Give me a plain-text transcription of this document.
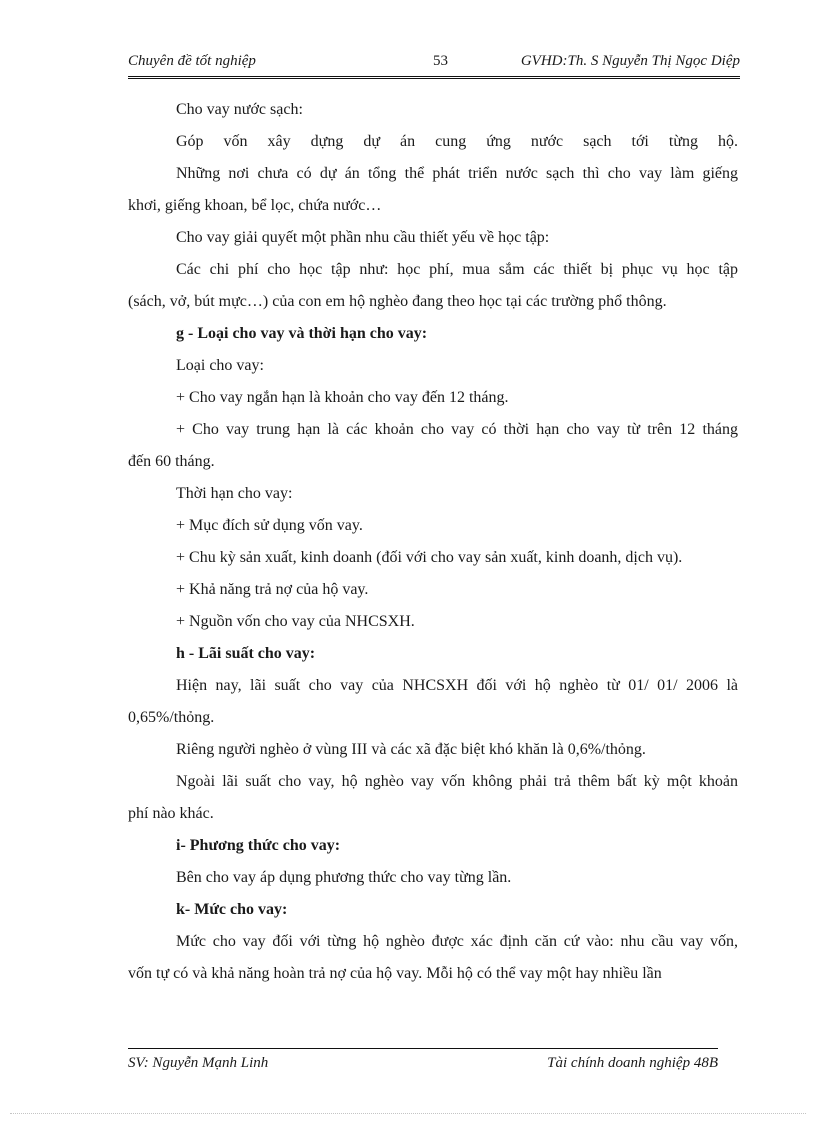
Chuyên đề tốt nghiệp	53	GVHD:Th. S Nguyễn Thị Ngọc Diệp
Cho vay nước sạch:
Góp vốn xây dựng dự án cung ứng nước sạch tới từng hộ.
Những nơi chưa có dự án tổng thể phát triển nước sạch thì cho vay làm giếng
khơi, giếng khoan, bể lọc, chứa nước…
Cho vay giải quyết một phần nhu cầu thiết yếu về học tập:
Các chi phí cho học tập như: học phí, mua sắm các thiết bị phục vụ học tập
(sách, vở, bút mực…) của con em hộ nghèo đang theo học tại các trường phổ thông.
g - Loại cho vay và thời hạn cho vay:
Loại cho vay:
+ Cho vay ngắn hạn là khoản cho vay đến 12 tháng.
+ Cho vay trung hạn là các khoản cho vay có thời hạn cho vay từ trên 12 tháng
đến 60 tháng.
Thời hạn cho vay:
+ Mục đích sử dụng vốn vay.
+ Chu kỳ sản xuất, kinh doanh (đối với cho vay sản xuất, kinh doanh, dịch vụ).
+ Khả năng trả nợ của hộ vay.
+ Nguồn vốn cho vay của NHCSXH.
h - Lãi suất cho vay:
Hiện nay, lãi suất cho vay của NHCSXH đối với hộ nghèo từ 01/ 01/ 2006 là
0,65%/thỏng.
Riêng người nghèo ở vùng III và các xã đặc biệt khó khăn là 0,6%/thỏng.
Ngoài lãi suất cho vay, hộ nghèo vay vốn không phải trả thêm bất kỳ một khoản
phí nào khác.
i- Phương thức cho vay:
Bên cho vay áp dụng phương thức cho vay từng lần.
k- Mức cho vay:
Mức cho vay đối với từng hộ nghèo được xác định căn cứ vào: nhu cầu vay vốn,
vốn tự có và khả năng hoàn trả nợ của hộ vay. Mỗi hộ có thể vay một hay nhiều lần
SV: Nguyễn Mạnh Linh	Tài chính doanh nghiệp 48B
